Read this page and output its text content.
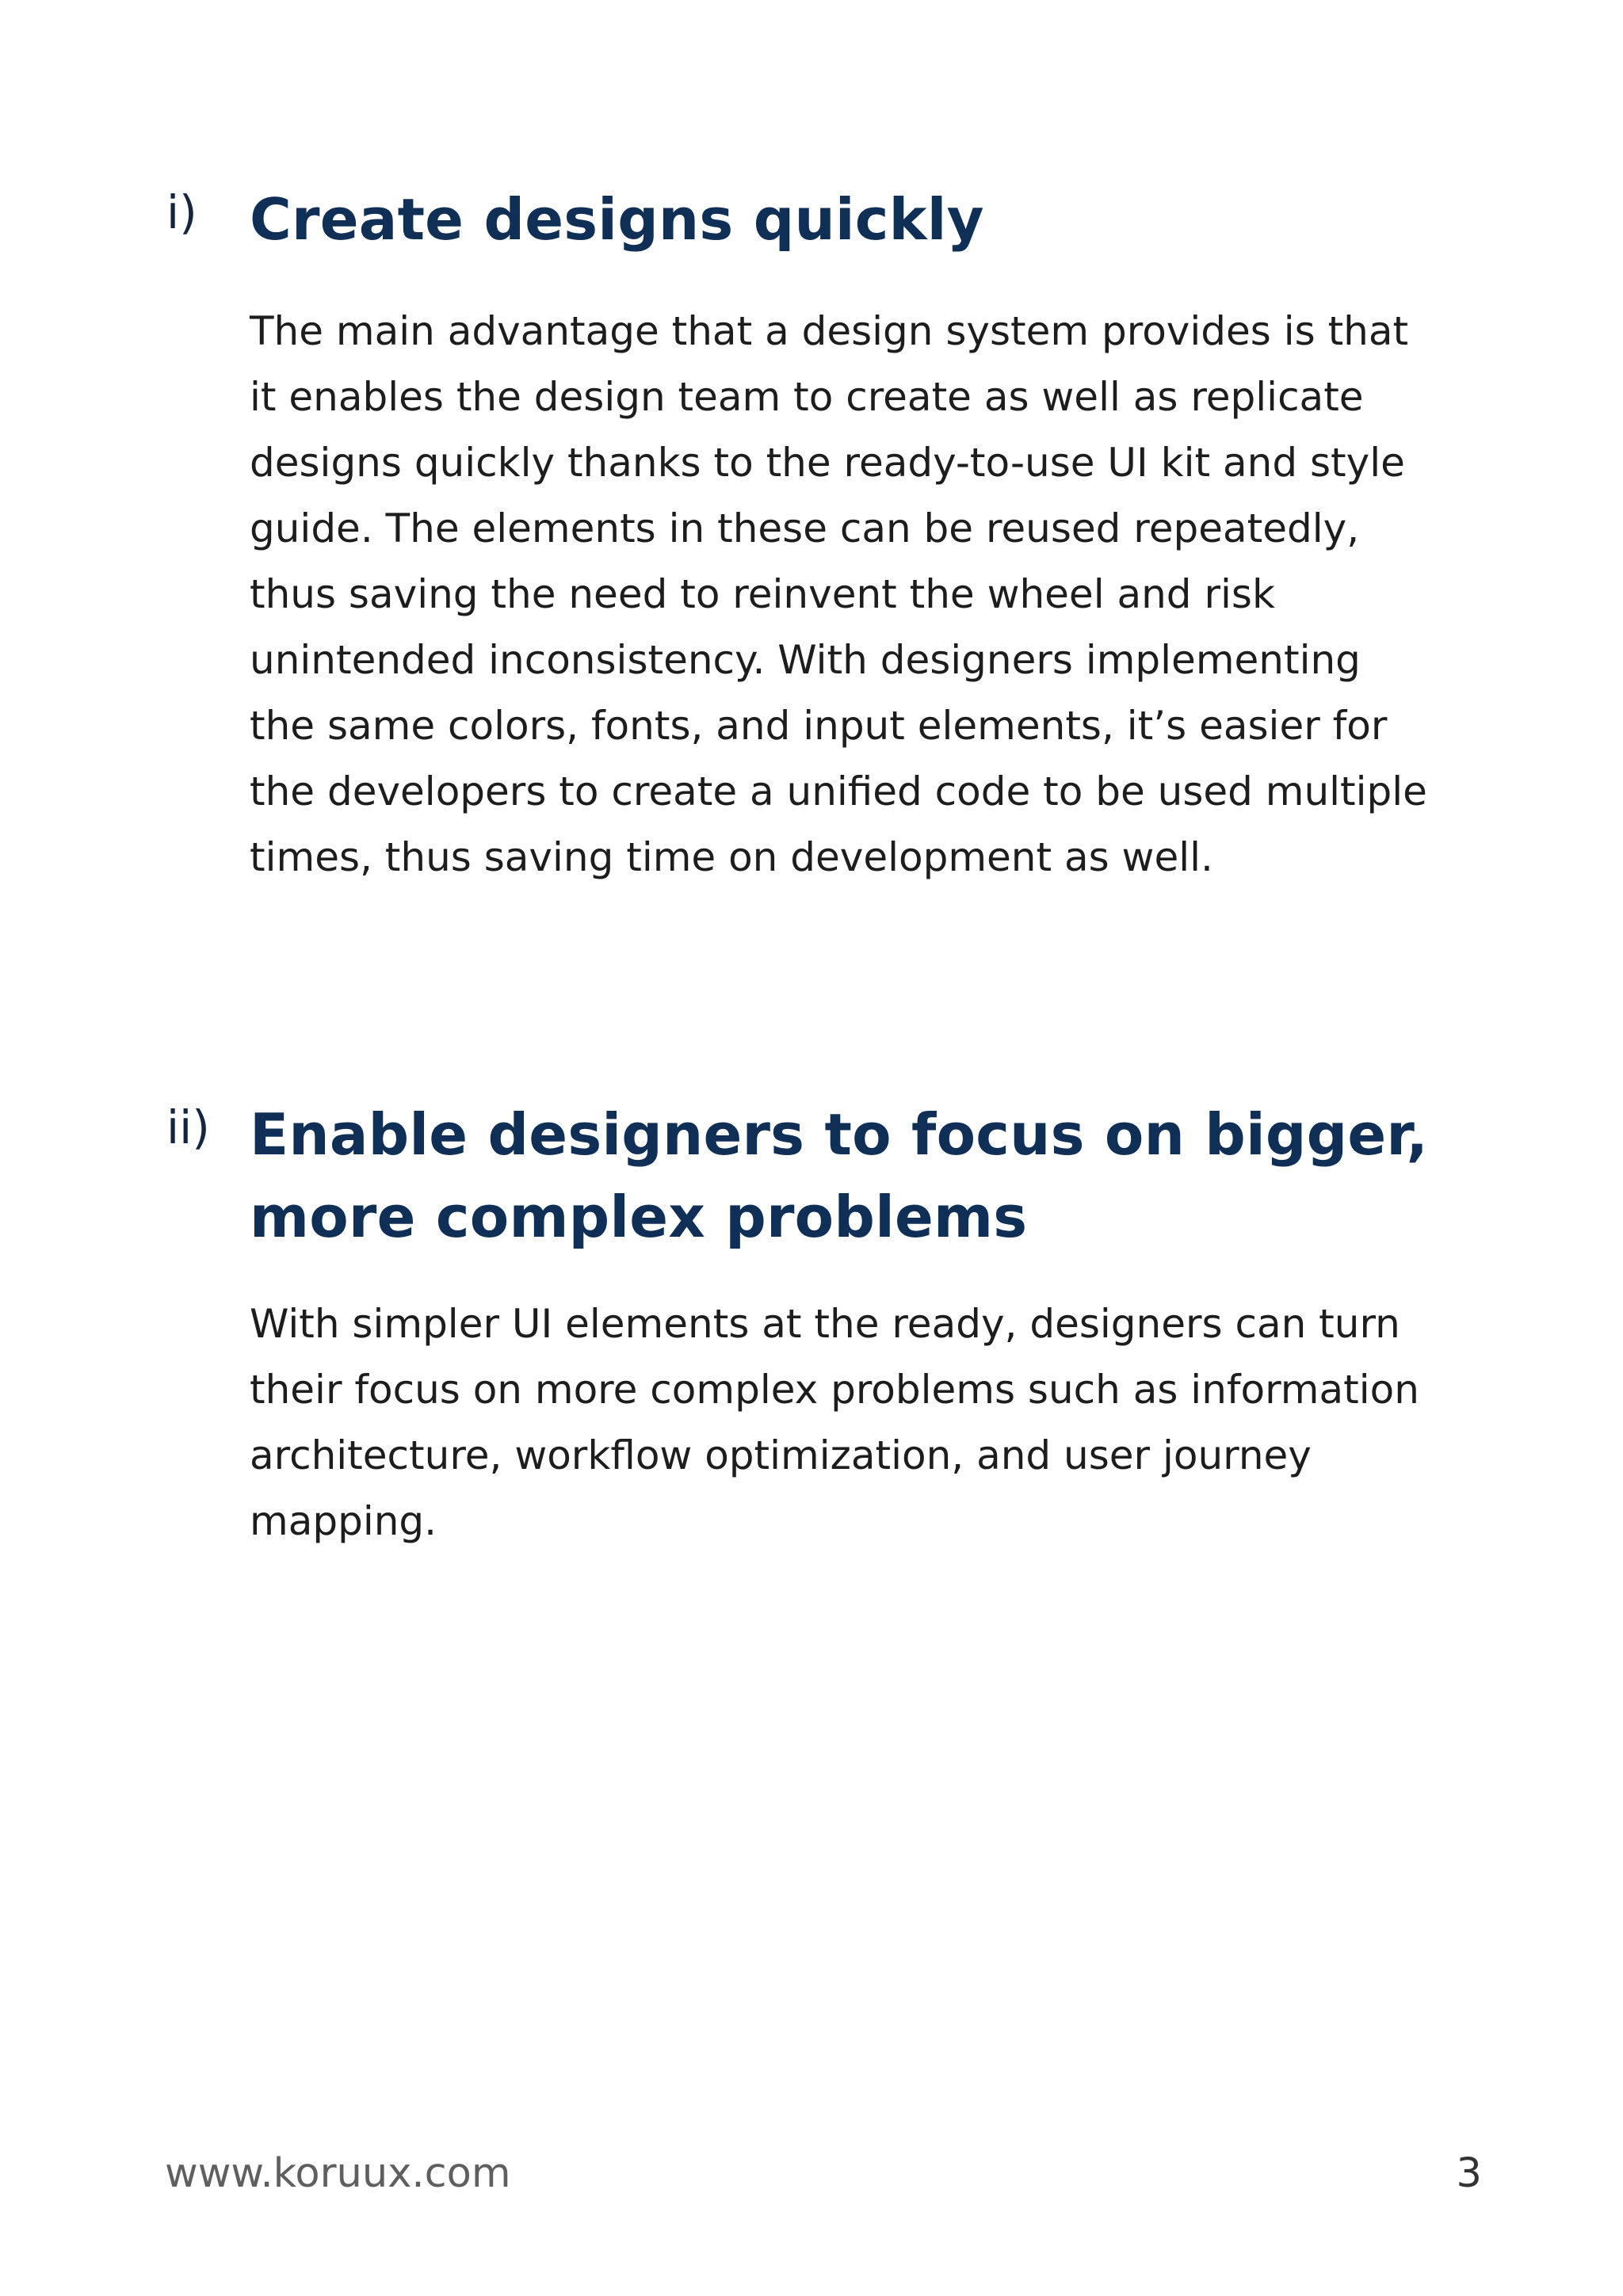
i) Create designs quickly

The main advantage that a design system provides is that it enables the design team to create as well as replicate designs quickly thanks to the ready-to-use UI kit and style guide. The elements in these can be reused repeatedly, thus saving the need to reinvent the wheel and risk unintended inconsistency. With designers implementing the same colors, fonts, and input elements, it’s easier for the developers to create a unified code to be used multiple times, thus saving time on development as well.

ii) Enable designers to focus on bigger, more complex problems

With simpler UI elements at the ready, designers can turn their focus on more complex problems such as information architecture, workflow optimization, and user journey mapping.

www.koruux.com	3
